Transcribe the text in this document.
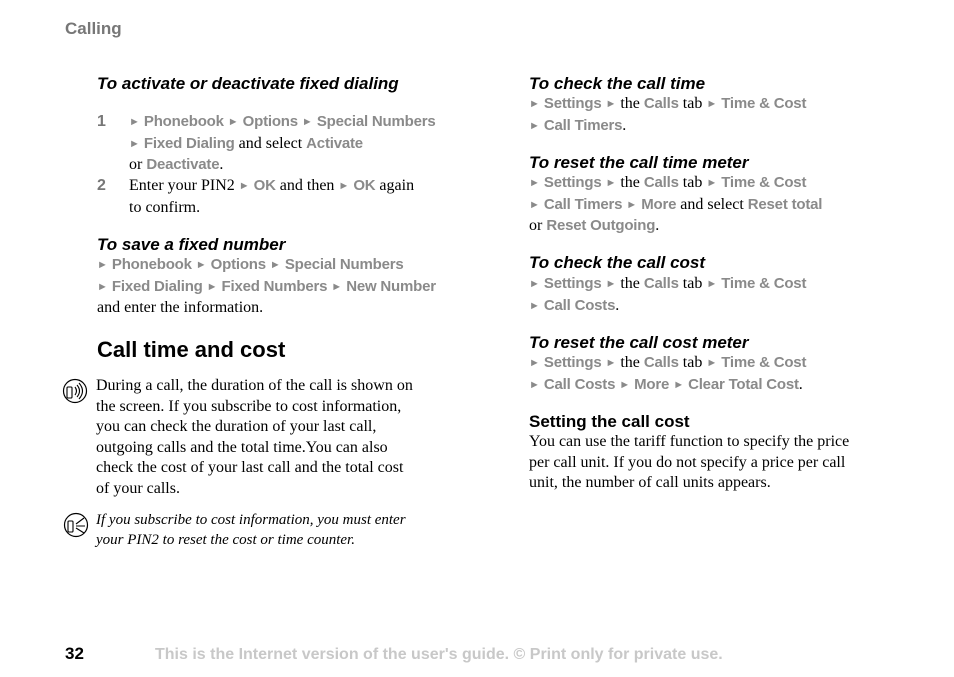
Calling
To activate or deactivate fixed dialing
1 ► Phonebook ► Options ► Special Numbers
► Fixed Dialing and select Activate
or Deactivate.
2 Enter your PIN2 ► OK and then ► OK again
to confirm.
To save a fixed number
► Phonebook ► Options ► Special Numbers
► Fixed Dialing ► Fixed Numbers ► New Number
and enter the information.
Call time and cost
During a call, the duration of the call is shown on
the screen. If you subscribe to cost information,
you can check the duration of your last call,
outgoing calls and the total time.You can also
check the cost of your last call and the total cost
of your calls.
If you subscribe to cost information, you must enter
your PIN2 to reset the cost or time counter.
To check the call time
► Settings ► the Calls tab ► Time & Cost
► Call Timers.
To reset the call time meter
► Settings ► the Calls tab ► Time & Cost
► Call Timers ► More and select Reset total
or Reset Outgoing.
To check the call cost
► Settings ► the Calls tab ► Time & Cost
► Call Costs.
To reset the call cost meter
► Settings ► the Calls tab ► Time & Cost
► Call Costs ► More ► Clear Total Cost.
Setting the call cost
You can use the tariff function to specify the price
per call unit. If you do not specify a price per call
unit, the number of call units appears.
32	This is the Internet version of the user's guide. © Print only for private use.
